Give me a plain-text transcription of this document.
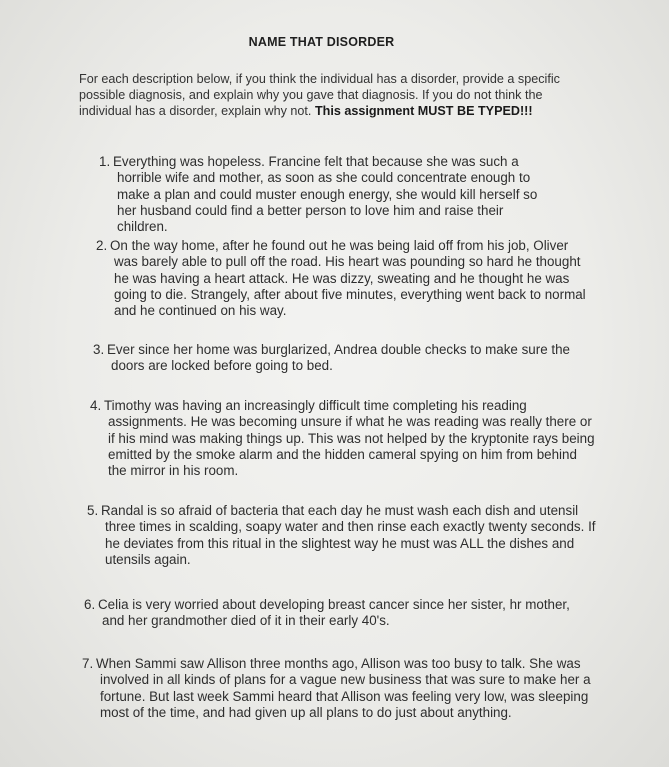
NAME THAT DISORDER
For each description below, if you think the individual has a disorder, provide a specific possible diagnosis, and explain why you gave that diagnosis. If you do not think the individual has a disorder, explain why not. This assignment MUST BE TYPED!!!
1. Everything was hopeless. Francine felt that because she was such a horrible wife and mother, as soon as she could concentrate enough to make a plan and could muster enough energy, she would kill herself so her husband could find a better person to love him and raise their children.
2. On the way home, after he found out he was being laid off from his job, Oliver was barely able to pull off the road. His heart was pounding so hard he thought he was having a heart attack. He was dizzy, sweating and he thought he was going to die. Strangely, after about five minutes, everything went back to normal and he continued on his way.
3. Ever since her home was burglarized, Andrea double checks to make sure the doors are locked before going to bed.
4. Timothy was having an increasingly difficult time completing his reading assignments. He was becoming unsure if what he was reading was really there or if his mind was making things up. This was not helped by the kryptonite rays being emitted by the smoke alarm and the hidden cameral spying on him from behind the mirror in his room.
5. Randal is so afraid of bacteria that each day he must wash each dish and utensil three times in scalding, soapy water and then rinse each exactly twenty seconds. If he deviates from this ritual in the slightest way he must was ALL the dishes and utensils again.
6. Celia is very worried about developing breast cancer since her sister, hr mother, and her grandmother died of it in their early 40's.
7. When Sammi saw Allison three months ago, Allison was too busy to talk. She was involved in all kinds of plans for a vague new business that was sure to make her a fortune. But last week Sammi heard that Allison was feeling very low, was sleeping most of the time, and had given up all plans to do just about anything.
